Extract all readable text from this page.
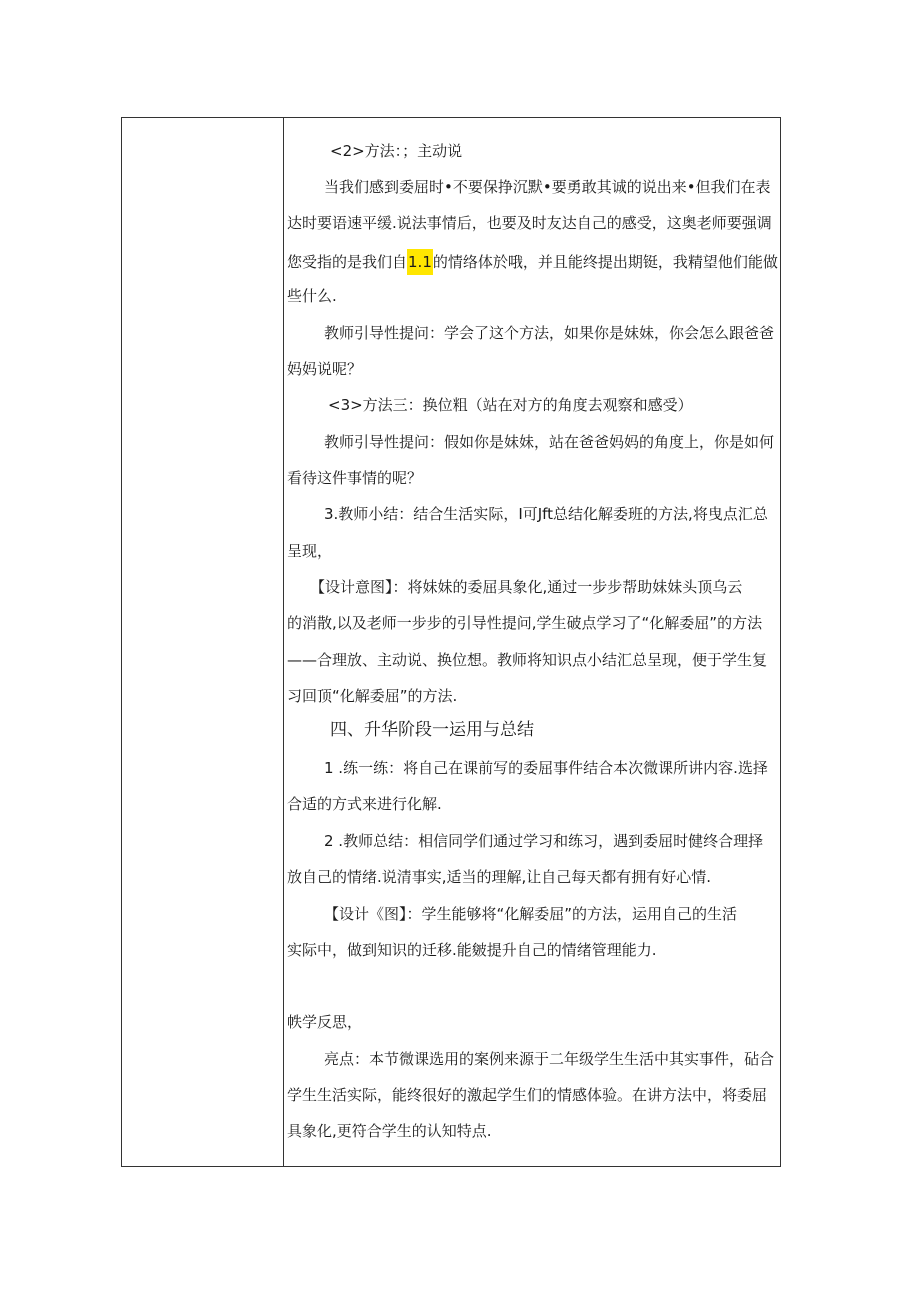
<2>方法：；主动说
当我们感到委屈时•不要保挣沉默•要勇敢其诚的说出来•但我们在表
达时要语速平缓.说法事情后，也要及时友达自己的感受，这奥老师要强调
您受指的是我们自1.1的情络体於哦，并且能终提出期铤，我精望他们能做
些什么.
教师引导性提问：学会了这个方法，如果你是妹妹，你会怎么跟爸爸
妈妈说呢？
<3>方法三：换位粗（站在对方的角度去观察和感受）
教师引导性提问：假如你是妹妹，站在爸爸妈妈的角度上，你是如何
看待这件事情的呢？
3.教师小结：结合生活实际，I可Jft总结化解委班的方法,将曳点汇总
呈现，
【设计意图】：将妹妹的委屈具象化,通过一步步帮助妹妹头顶乌云
的消散,以及老师一步步的引导性提问,学生破点学习了“化解委屈”的方法
——合理放、主动说、换位想。教师将知识点小结汇总呈现，便于学生复
习回顶“化解委屈”的方法.
四、升华阶段一运用与总结
1 .练一练：将自己在课前写的委屈事件结合本次微课所讲内容.选择
合适的方式来进行化解.
2 .教师总结：相信同学们通过学习和练习，遇到委屈时健终合理择
放自己的情绪.说清事实,适当的理解,让自己每天都有拥有好心情.
【设计《图】：学生能够将“化解委屈”的方法，运用自己的生活
实际中，做到知识的迁移.能皴提升自己的情绪管理能力.
帙学反思，
亮点：本节微课选用的案例来源于二年级学生生活中其实事件，砧合
学生生活实际，能终很好的激起学生们的情感体验。在讲方法中，将委屈
具象化,更符合学生的认知特点.
